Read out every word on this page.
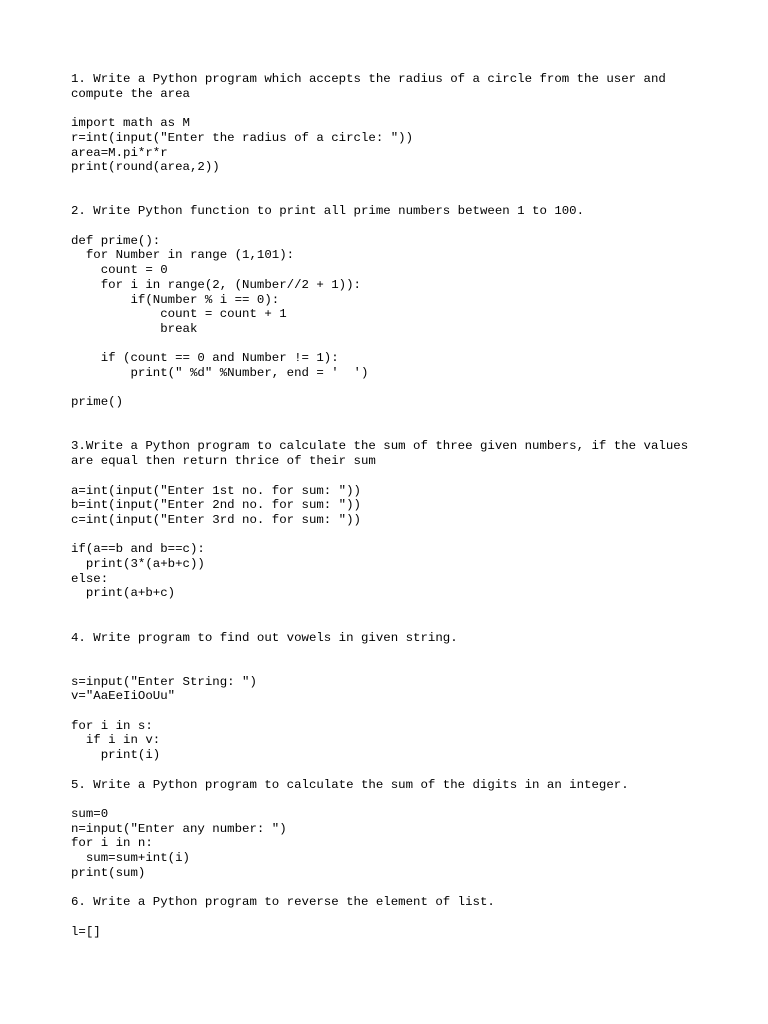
1. Write a Python program which accepts the radius of a circle from the user and
compute the area
import math as M
r=int(input("Enter the radius of a circle: "))
area=M.pi*r*r
print(round(area,2))
2. Write Python function to print all prime numbers between 1 to 100.
def prime():
for Number in range (1,101):
count = 0
for i in range(2, (Number//2 + 1)):
if(Number % i == 0):
count = count + 1
break
if (count == 0 and Number != 1):
print(" %d" %Number, end = '  ')
prime()
3.Write a Python program to calculate the sum of three given numbers, if the values
are equal then return thrice of their sum
a=int(input("Enter 1st no. for sum: "))
b=int(input("Enter 2nd no. for sum: "))
c=int(input("Enter 3rd no. for sum: "))
if(a==b and b==c):
print(3*(a+b+c))
else:
print(a+b+c)
4. Write program to find out vowels in given string.
s=input("Enter String: ")
v="AaEeIiOoUu"
for i in s:
if i in v:
print(i)
5. Write a Python program to calculate the sum of the digits in an integer.
sum=0
n=input("Enter any number: ")
for i in n:
sum=sum+int(i)
print(sum)
6. Write a Python program to reverse the element of list.
l=[]
